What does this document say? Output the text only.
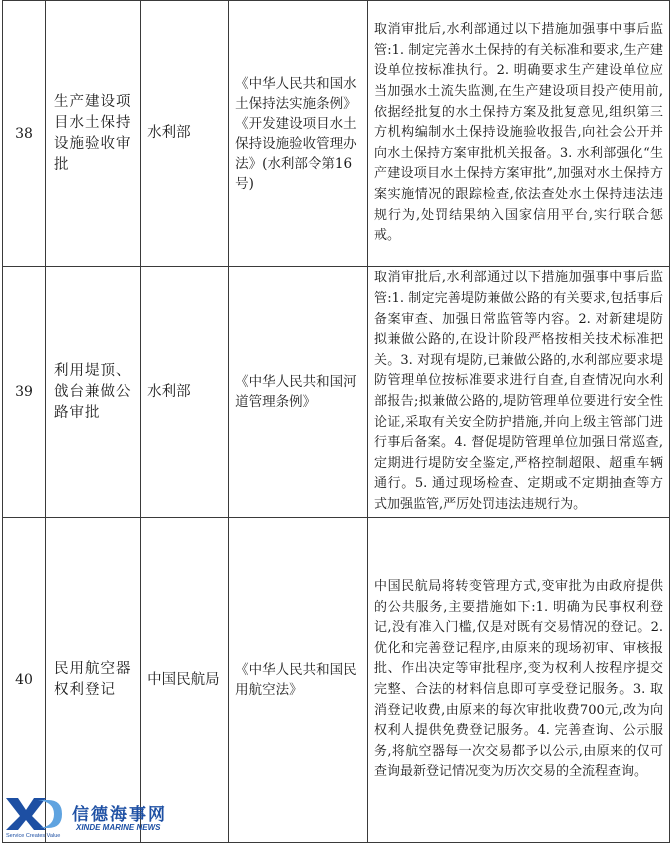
38	生产建设项目水土保持设施验收审批	水利部	《中华人民共和国水土保持法实施条例》《开发建设项目水土保持设施验收管理办法》(水利部令第16号)	取消审批后,水利部通过以下措施加强事中事后监管:1. 制定完善水土保持的有关标准和要求,生产建设单位按标准执行。2. 明确要求生产建设单位应当加强水土流失监测,在生产建设项目投产使用前,依据经批复的水土保持方案及批复意见,组织第三方机构编制水土保持设施验收报告,向社会公开并向水土保持方案审批机关报备。3. 水利部强化“生产建设项目水土保持方案审批”,加强对水土保持方案实施情况的跟踪检查,依法查处水土保持违法违规行为,处罚结果纳入国家信用平台,实行联合惩戒。
39	利用堤顶、戗台兼做公路审批	水利部	《中华人民共和国河道管理条例》	取消审批后,水利部通过以下措施加强事中事后监管:1. 制定完善堤防兼做公路的有关要求,包括事后备案审查、加强日常监管等内容。2. 对新建堤防拟兼做公路的,在设计阶段严格按相关技术标准把关。3. 对现有堤防,已兼做公路的,水利部应要求堤防管理单位按标准要求进行自查,自查情况向水利部报告;拟兼做公路的,堤防管理单位要进行安全性论证,采取有关安全防护措施,并向上级主管部门进行事后备案。4. 督促堤防管理单位加强日常巡查,定期进行堤防安全鉴定,严格控制超限、超重车辆通行。5. 通过现场检查、定期或不定期抽查等方式加强监管,严厉处罚违法违规行为。
40	民用航空器权利登记	中国民航局	《中华人民共和国民用航空法》	中国民航局将转变管理方式,变审批为由政府提供的公共服务,主要措施如下:1. 明确为民事权利登记,没有准入门槛,仅是对既有交易情况的登记。2. 优化和完善登记程序,由原来的现场初审、审核报批、作出决定等审批程序,变为权利人按程序提交完整、合法的材料信息即可享受登记服务。3. 取消登记收费,由原来的每次审批收费700元,改为向权利人提供免费登记服务。4. 完善查询、公示服务,将航空器每一次交易都予以公示,由原来的仅可查询最新登记情况变为历次交易的全流程查询。
信德海事网
XINDE MARINE NEWS
Service Creates Value
